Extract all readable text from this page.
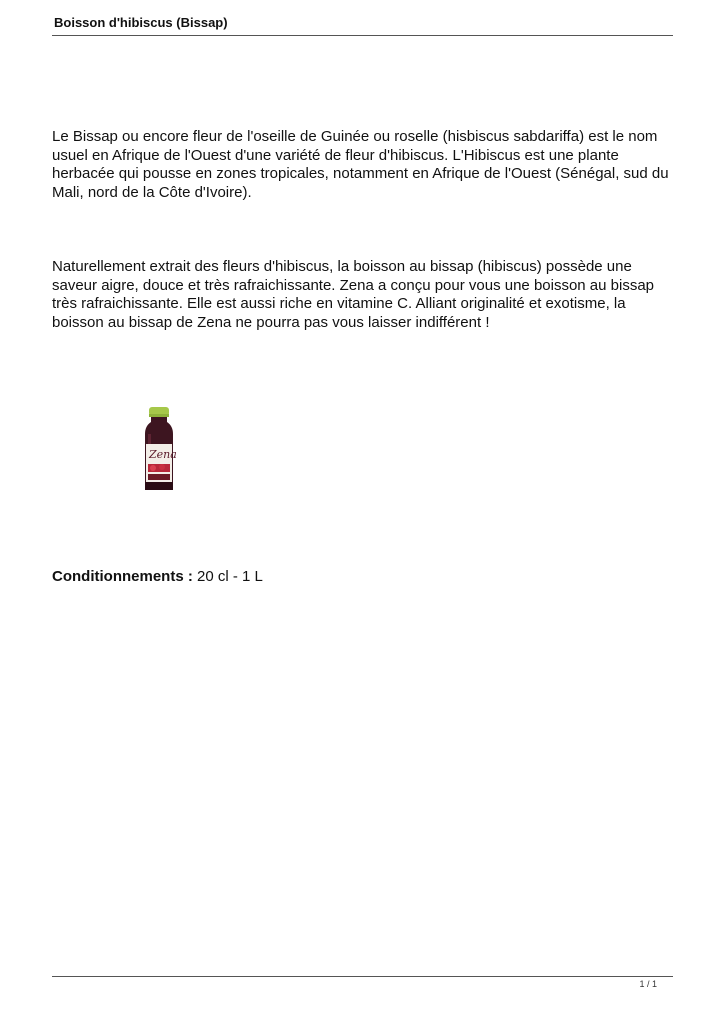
Boisson d'hibiscus (Bissap)

Le Bissap ou encore fleur de l'oseille de Guinée ou roselle (hisbiscus sabdariffa) est le nom usuel en Afrique de l'Ouest d'une variété de fleur d'hibiscus. L'Hibiscus est une plante herbacée qui pousse en zones tropicales, notamment en Afrique de l'Ouest (Sénégal, sud du Mali, nord de la Côte d'Ivoire).

Naturellement extrait des fleurs d'hibiscus, la boisson au bissap (hibiscus) possède une saveur aigre, douce et très rafraichissante. Zena a conçu pour vous une boisson au bissap très rafraichissante. Elle est aussi riche en vitamine C. Alliant originalité et exotisme, la boisson au bissap de Zena ne pourra pas vous laisser indifférent !

Zena
Conditionnements : 20 cl - 1 L
1 / 1
